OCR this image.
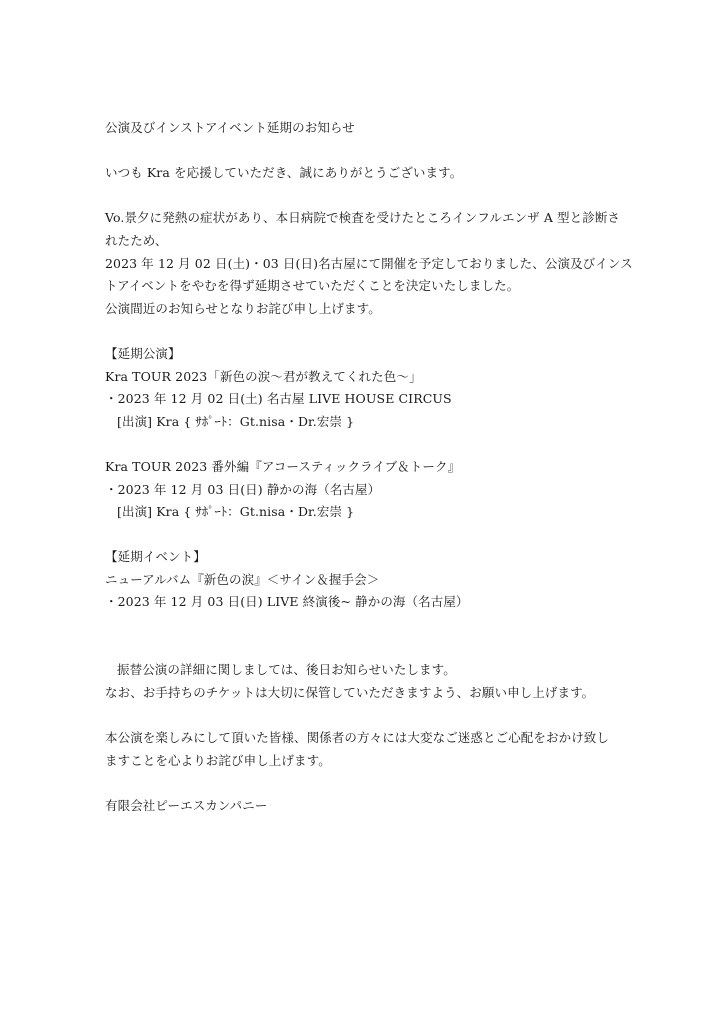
公演及びインストアイベント延期のお知らせ
いつも Kra を応援していただき、誠にありがとうございます。
Vo.景夕に発熱の症状があり、本日病院で検査を受けたところインフルエンザ A 型と診断さ
れたため、
2023 年 12 月 02 日(土)・03 日(日)名古屋にて開催を予定しておりました、公演及びインス
トアイベントをやむを得ず延期させていただくことを決定いたしました。
公演間近のお知らせとなりお詫び申し上げます。
【延期公演】
Kra TOUR 2023「新色の涙〜君が教えてくれた色〜」
・2023 年 12 月 02 日(土) 名古屋 LIVE HOUSE CIRCUS
[出演] Kra { ｻﾎﾟｰﾄ：Gt.nisa・Dr.宏崇 }
Kra TOUR 2023 番外編『アコースティックライブ＆トーク』
・2023 年 12 月 03 日(日) 静かの海（名古屋）
[出演] Kra { ｻﾎﾟｰﾄ：Gt.nisa・Dr.宏崇 }
【延期イベント】
ニューアルバム『新色の涙』＜サイン＆握手会＞
・2023 年 12 月 03 日(日) LIVE 終演後~ 静かの海（名古屋）
振替公演の詳細に関しましては、後日お知らせいたします。
なお、お手持ちのチケットは大切に保管していただきますよう、お願い申し上げます。
本公演を楽しみにして頂いた皆様、関係者の方々には大変なご迷惑とご心配をおかけ致し
ますことを心よりお詫び申し上げます。
有限会社ピーエスカンパニー
